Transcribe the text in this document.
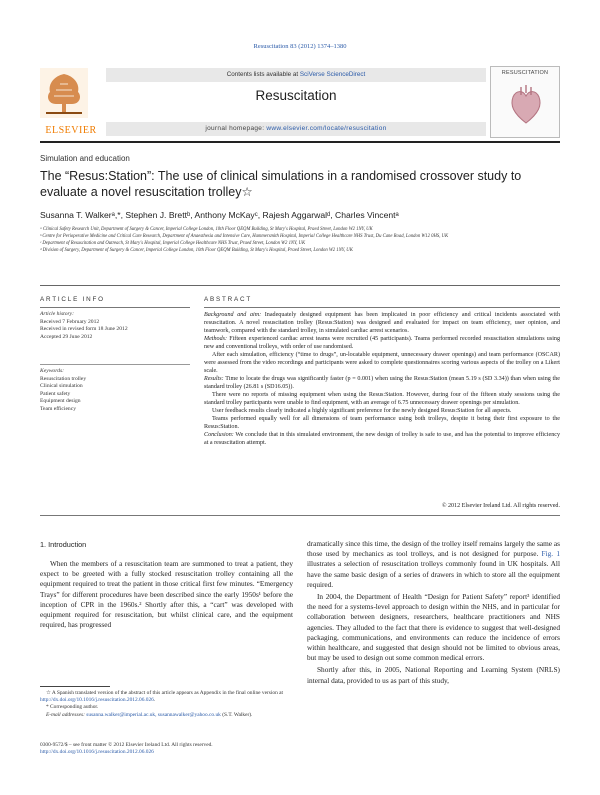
Resuscitation 83 (2012) 1374–1380
ELSEVIER
Contents lists available at SciVerse ScienceDirect
Resuscitation
journal homepage: www.elsevier.com/locate/resuscitation
RESUSCITATION
Simulation and education
The “Resus:Station”: The use of clinical simulations in a randomised crossover study to evaluate a novel resuscitation trolley☆
Susanna T. Walkerᵃ,*, Stephen J. Brettᵇ, Anthony McKayᶜ, Rajesh Aggarwalᵈ, Charles Vincentᵃ
ᵃ Clinical Safety Research Unit, Department of Surgery & Cancer, Imperial College London, 10th Floor QEQM Building, St Mary's Hospital, Praed Street, London W2 1NY, UK
ᵇ Centre for Perioperative Medicine and Critical Care Research, Department of Anaesthesia and Intensive Care, Hammersmith Hospital, Imperial College Healthcare NHS Trust, Du Cane Road, London W12 0HS, UK
ᶜ Department of Resuscitation and Outreach, St Mary's Hospital, Imperial College Healthcare NHS Trust, Praed Street, London W2 1NY, UK
ᵈ Division of Surgery, Department of Surgery & Cancer, Imperial College London, 10th Floor QEQM Building, St Mary's Hospital, Praed Street, London W2 1NY, UK
ARTICLE INFO	ABSTRACT
Article history:
Received 7 February 2012
Received in revised form 18 June 2012
Accepted 29 June 2012
Keywords:
Resuscitation trolley
Clinical simulation
Patient safety
Equipment design
Team efficiency

Background and aim: Inadequately designed equipment has been implicated in poor efficiency and critical incidents associated with resuscitation. A novel resuscitation trolley (Resus:Station) was designed and evaluated for impact on team efficiency, user opinion, and teamwork, compared with the standard trolley, in simulated cardiac arrest scenarios.

Methods: Fifteen experienced cardiac arrest teams were recruited (45 participants). Teams performed recorded resuscitation simulations using new and conventional trolleys, with order of use randomised.

After each simulation, efficiency (“time to drugs”, un-locatable equipment, unnecessary drawer openings) and team performance (OSCAR) were assessed from the video recordings and participants were asked to complete questionnaires scoring various aspects of the trolley on a Likert scale.

Results: Time to locate the drugs was significantly faster (p = 0.001) when using the Resus:Station (mean 5.19 s (SD 3.34)) than when using the standard trolley (26.81 s (SD16.05)).

There were no reports of missing equipment when using the Resus:Station. However, during four of the fifteen study sessions using the standard trolley participants were unable to find equipment, with an average of 6.75 unnecessary drawer openings per simulation.

User feedback results clearly indicated a highly significant preference for the newly designed Resus:Station for all aspects.

Teams performed equally well for all dimensions of team performance using both trolleys, despite it being their first exposure to the Resus:Station.

Conclusion: We conclude that in this simulated environment, the new design of trolley is safe to use, and has the potential to improve efficiency at a resuscitation attempt.

© 2012 Elsevier Ireland Ltd. All rights reserved.
1. Introduction

When the members of a resuscitation team are summoned to treat a patient, they expect to be greeted with a fully stocked resuscitation trolley containing all the equipment required to treat the patient in those critical first few minutes. “Emergency Trays” for different procedures have been described since the early 1950s¹ before the inception of CPR in the 1960s.² Shortly after this, a “cart” was developed with equipment required for resuscitation, but whilst clinical care, and the equipment required, has progressed

dramatically since this time, the design of the trolley itself remains largely the same as those used by mechanics as tool trolleys, and is not designed for purpose. Fig. 1 illustrates a selection of resuscitation trolleys commonly found in UK hospitals. All have the same basic design of a series of drawers in which to store all the equipment required.

In 2004, the Department of Health “Design for Patient Safety” report³ identified the need for a systems-level approach to design within the NHS, and in particular for collaboration between designers, researchers, healthcare practitioners and NHS agencies. They alluded to the fact that there is evidence to suggest that well-designed packaging, communications, and environments can reduce the incidence of errors within healthcare, and suggested that design should not be limited to obvious areas, but may be used to design out some common medical errors.

Shortly after this, in 2005, National Reporting and Learning System (NRLS) internal data, provided to us as part of this study,

☆ A Spanish translated version of the abstract of this article appears as Appendix in the final online version at http://dx.doi.org/10.1016/j.resuscitation.2012.06.026.
* Corresponding author.
E-mail addresses: susanna.walker@imperial.ac.uk, susannawalker@yahoo.co.uk (S.T. Walker).
0300-9572/$ – see front matter © 2012 Elsevier Ireland Ltd. All rights reserved.
http://dx.doi.org/10.1016/j.resuscitation.2012.06.026
